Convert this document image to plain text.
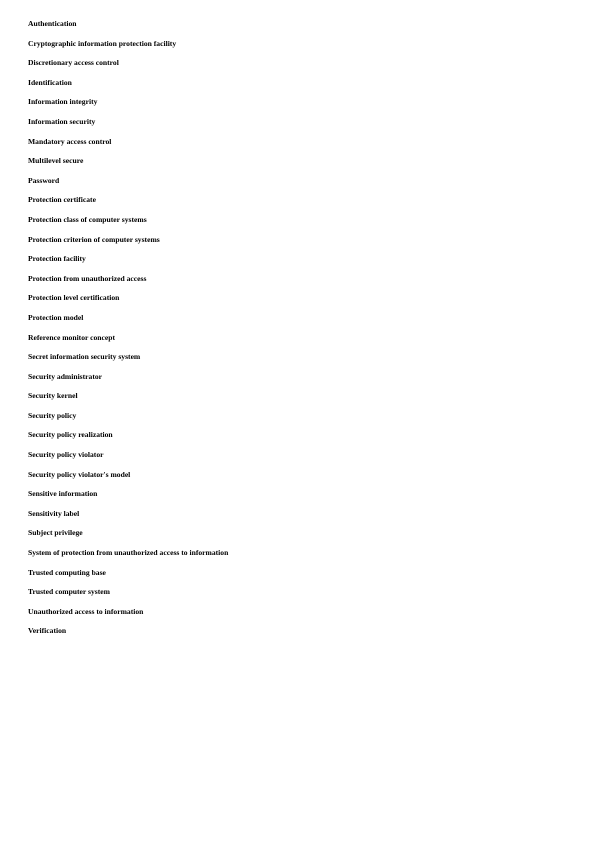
Authentication
Cryptographic information protection facility
Discretionary access control
Identification
Information integrity
Information security
Mandatory access control
Multilevel secure
Password
Protection certificate
Protection class of computer systems
Protection criterion of computer systems
Protection facility
Protection from unauthorized access
Protection level certification
Protection model
Reference monitor concept
Secret information security system
Security administrator
Security kernel
Security policy
Security policy realization
Security policy violator
Security policy violator's model
Sensitive information
Sensitivity label
Subject privilege
System of protection from unauthorized access to information
Trusted computing base
Trusted computer system
Unauthorized access to information
Verification
